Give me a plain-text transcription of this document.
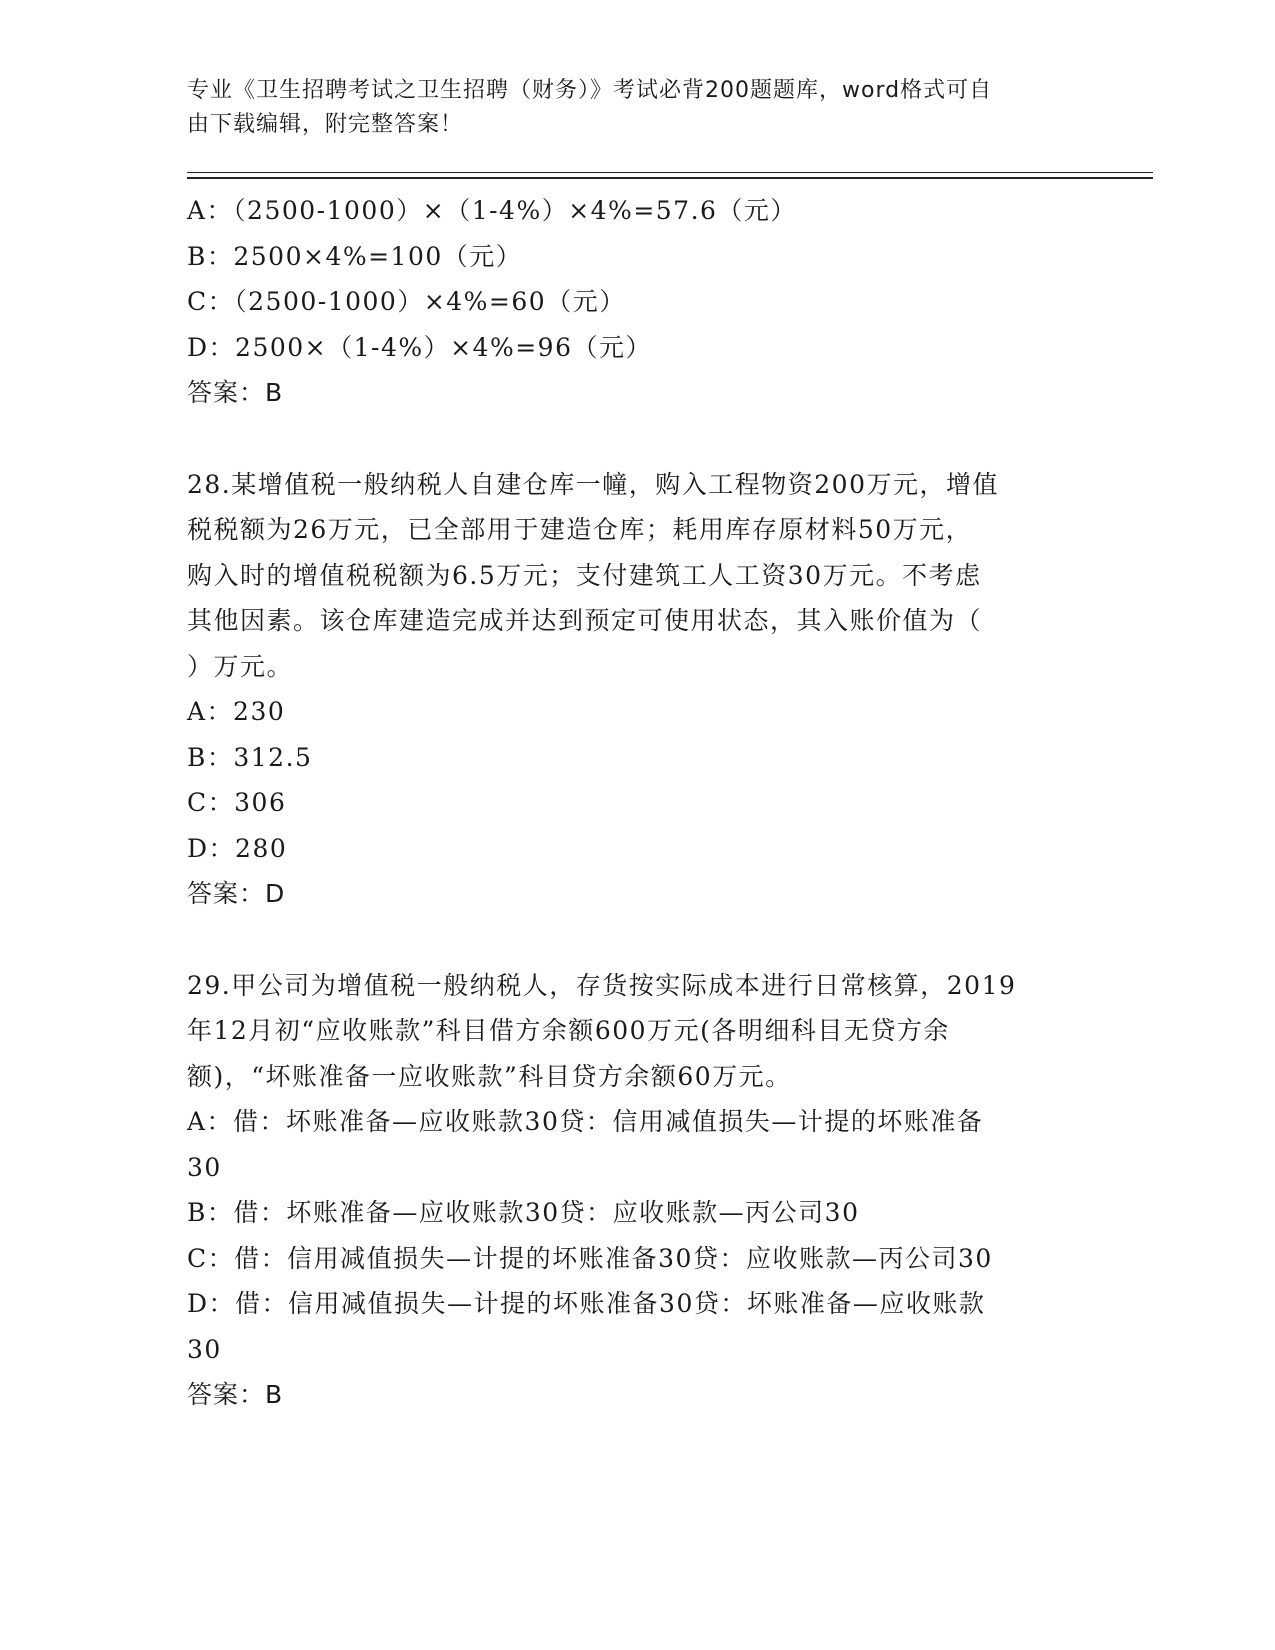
专业《卫生招聘考试之卫生招聘（财务）》考试必背200题题库，word格式可自
由下载编辑，附完整答案！
A：（2500-1000）×（1-4%）×4%=57.6（元）
B：2500×4%=100（元）
C：（2500-1000）×4%=60（元）
D：2500×（1-4%）×4%=96（元）
答案：B
28.某增值税一般纳税人自建仓库一幢，购入工程物资200万元，增值
税税额为26万元，已全部用于建造仓库；耗用库存原材料50万元，
购入时的增值税税额为6.5万元；支付建筑工人工资30万元。不考虑
其他因素。该仓库建造完成并达到预定可使用状态，其入账价值为（
）万元。
A：230
B：312.5
C：306
D：280
答案：D
29.甲公司为增值税一般纳税人，存货按实际成本进行日常核算，2019
年12月初“应收账款”科目借方余额600万元(各明细科目无贷方余
额)，“坏账准备一应收账款”科目贷方余额60万元。
A：借：坏账准备—应收账款30贷：信用减值损失—计提的坏账准备
30
B：借：坏账准备—应收账款30贷：应收账款—丙公司30
C：借：信用减值损失—计提的坏账准备30贷：应收账款—丙公司30
D：借：信用减值损失—计提的坏账准备30贷：坏账准备—应收账款
30
答案：B
